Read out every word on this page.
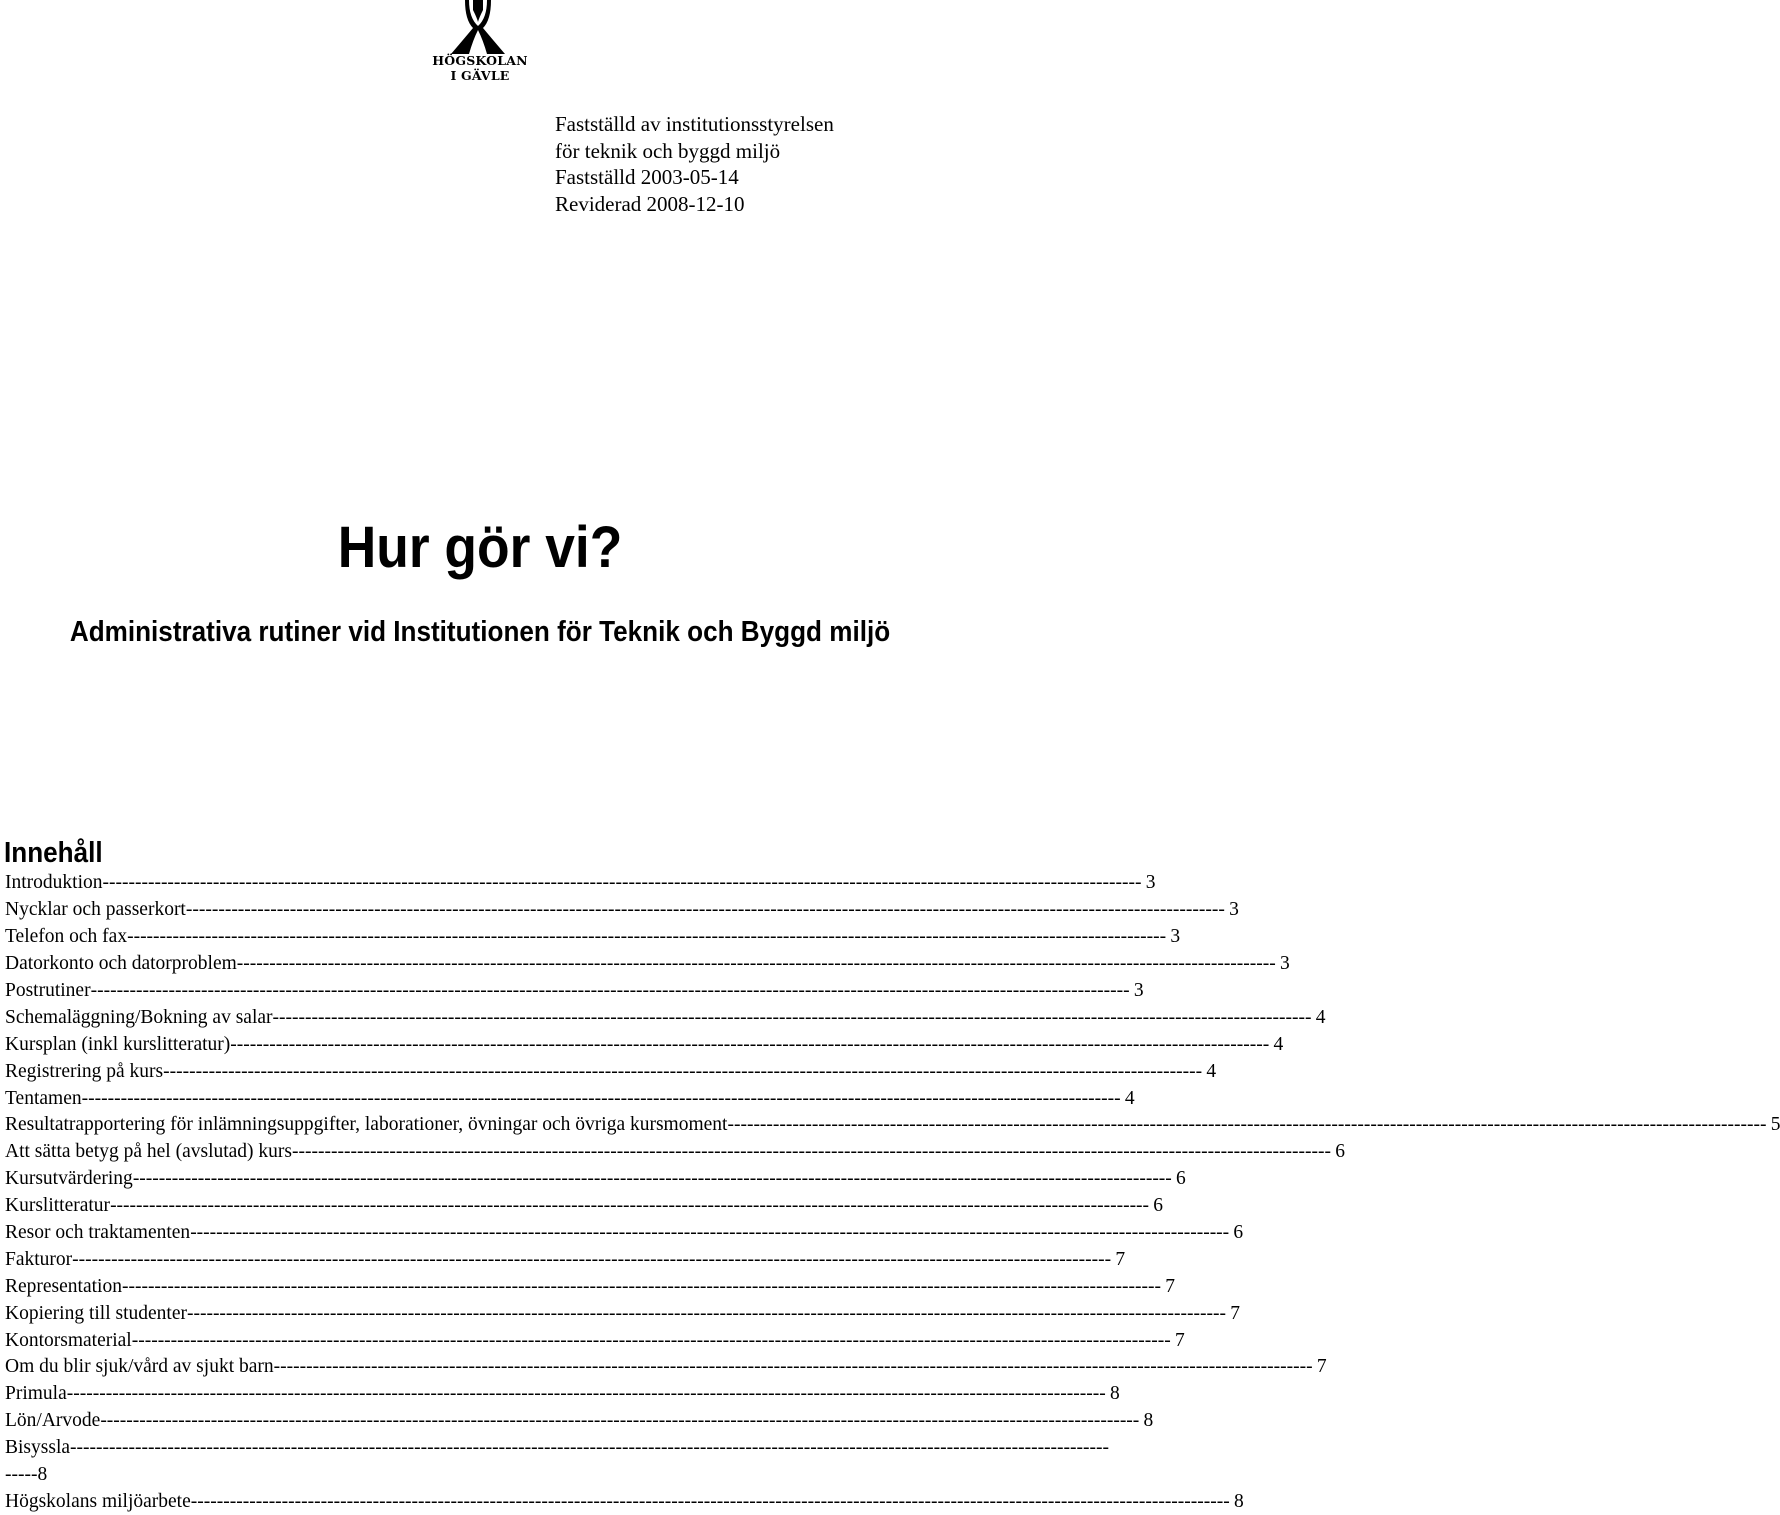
HÖGSKOLAN
I GÄVLE
Fastställd av institutionsstyrelsen
för teknik och byggd miljö
Fastställd 2003-05-14
Reviderad 2008-12-10
Hur gör vi?
Administrativa rutiner vid Institutionen för Teknik och Byggd miljö
Innehåll
Introduktion ---------------------------------------------------------------------------------------------------------------------------------------------------------------- 3
Nycklar och passerkort ---------------------------------------------------------------------------------------------------------------------------------------------------------------- 3
Telefon och fax ---------------------------------------------------------------------------------------------------------------------------------------------------------------- 3
Datorkonto och datorproblem ---------------------------------------------------------------------------------------------------------------------------------------------------------------- 3
Postrutiner ---------------------------------------------------------------------------------------------------------------------------------------------------------------- 3
Schemaläggning/Bokning av salar ---------------------------------------------------------------------------------------------------------------------------------------------------------------- 4
Kursplan (inkl kurslitteratur) ---------------------------------------------------------------------------------------------------------------------------------------------------------------- 4
Registrering på kurs ---------------------------------------------------------------------------------------------------------------------------------------------------------------- 4
Tentamen ---------------------------------------------------------------------------------------------------------------------------------------------------------------- 4
Resultatrapportering för inlämningsuppgifter, laborationer, övningar och övriga kursmoment ---------------------------------------------------------------------------------------------------------------------------------------------------------------- 5
Att sätta betyg på hel (avslutad) kurs ---------------------------------------------------------------------------------------------------------------------------------------------------------------- 6
Kursutvärdering ---------------------------------------------------------------------------------------------------------------------------------------------------------------- 6
Kurslitteratur ---------------------------------------------------------------------------------------------------------------------------------------------------------------- 6
Resor och traktamenten ---------------------------------------------------------------------------------------------------------------------------------------------------------------- 6
Fakturor ---------------------------------------------------------------------------------------------------------------------------------------------------------------- 7
Representation ---------------------------------------------------------------------------------------------------------------------------------------------------------------- 7
Kopiering till studenter ---------------------------------------------------------------------------------------------------------------------------------------------------------------- 7
Kontorsmaterial ---------------------------------------------------------------------------------------------------------------------------------------------------------------- 7
Om du blir sjuk/vård av sjukt barn ---------------------------------------------------------------------------------------------------------------------------------------------------------------- 7
Primula ---------------------------------------------------------------------------------------------------------------------------------------------------------------- 8
Lön/Arvode ---------------------------------------------------------------------------------------------------------------------------------------------------------------- 8
Bisyssla ----------------------------------------------------------------------------------------------------------------------------------------------------------------
-----8
Högskolans miljöarbete ---------------------------------------------------------------------------------------------------------------------------------------------------------------- 8
